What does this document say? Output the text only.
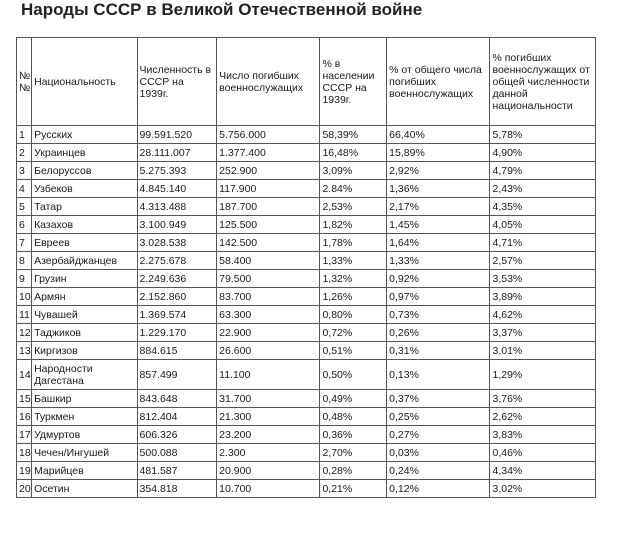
Народы СССР в Великой Отечественной войне
№ №	Национальность	Численность в СССР на 1939г.	Число погибших военнослужащих	% в населении СССР на 1939г.	% от общего числа погибших военнослужащих	% погибших военнослужащих от общей численности данной национальности
1	Русских	99.591.520	5.756.000	58,39%	66,40%	5,78%
2	Украинцев	28.111.007	1.377.400	16,48%	15,89%	4,90%
3	Белоруссов	5.275.393	252.900	3,09%	2,92%	4,79%
4	Узбеков	4.845.140	117.900	2.84%	1,36%	2,43%
5	Татар	4.313.488	187.700	2,53%	2,17%	4,35%
6	Казахов	3.100.949	125.500	1,82%	1,45%	4,05%
7	Евреев	3.028.538	142.500	1,78%	1,64%	4,71%
8	Азербайджанцев	2.275.678	58.400	1,33%	1,33%	2,57%
9	Грузин	2.249.636	79.500	1,32%	0,92%	3,53%
10	Армян	2.152.860	83.700	1,26%	0,97%	3,89%
11	Чувашей	1.369.574	63.300	0,80%	0,73%	4,62%
12	Таджиков	1.229.170	22.900	0,72%	0,26%	3,37%
13	Киргизов	884.615	26.600	0,51%	0,31%	3,01%
14	Народности Дагестана	857.499	11.100	0,50%	0,13%	1,29%
15	Башкир	843.648	31.700	0,49%	0,37%	3,76%
16	Туркмен	812.404	21.300	0,48%	0,25%	2,62%
17	Удмуртов	606.326	23.200	0,36%	0,27%	3,83%
18	Чечен/Ингушей	500.088	2.300	2,70%	0,03%	0,46%
19	Марийцев	481.587	20.900	0,28%	0,24%	4,34%
20	Осетин	354.818	10.700	0,21%	0,12%	3,02%
